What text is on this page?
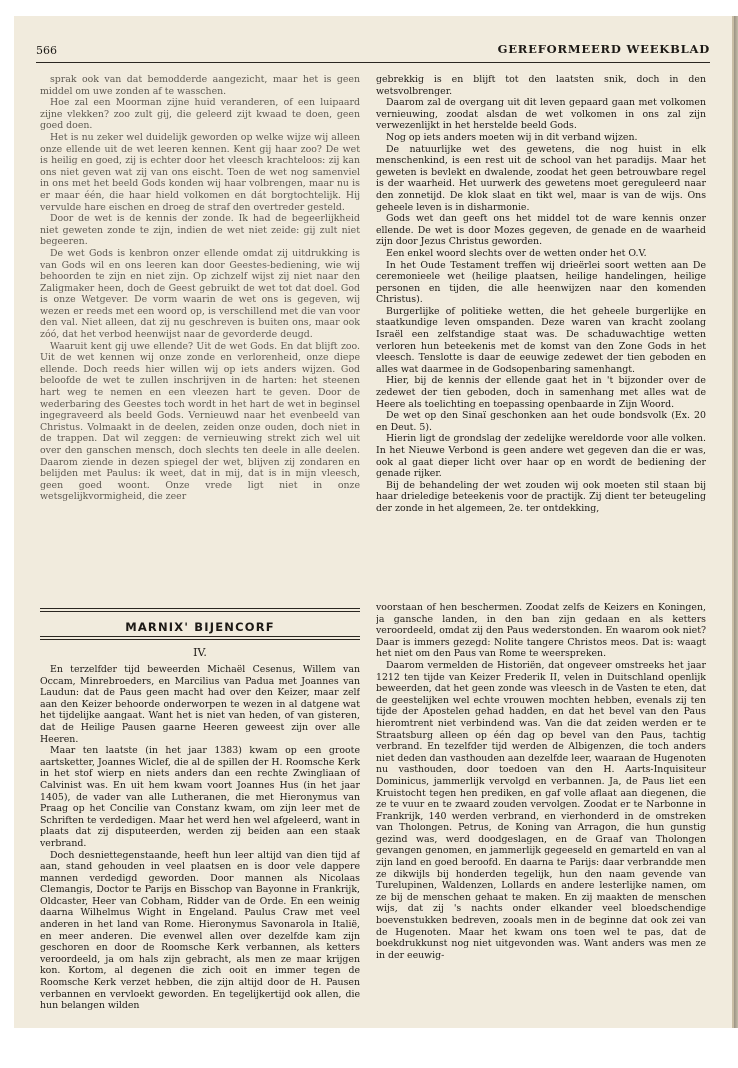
566	GEREFORMEERD WEEKBLAD

sprak ook van dat bemodderde aangezicht, maar het is geen middel om uwe zonden af te wasschen.

Hoe zal een Moorman zijne huid veranderen, of een luipaard zijne vlekken? zoo zult gij, die geleerd zijt kwaad te doen, geen goed doen.

Het is nu zeker wel duidelijk geworden op welke wijze wij alleen onze ellende uit de wet leeren kennen. Kent gij haar zoo? De wet is heilig en goed, zij is echter door het vleesch krachteloos: zij kan ons niet geven wat zij van ons eischt. Toen de wet nog samenviel in ons met het beeld Gods konden wij haar volbrengen, maar nu is er maar één, die haar hield volkomen en dát borgtochtelijk. Hij vervulde hare eischen en droeg de straf den overtreder gesteld.

Door de wet is de kennis der zonde. Ik had de begeerlijkheid niet geweten zonde te zijn, indien de wet niet zeide: gij zult niet begeeren.

De wet Gods is kenbron onzer ellende omdat zij uitdrukking is van Gods wil en ons leeren kan door Geestes-bediening, wie wij behoorden te zijn en niet zijn. Op zichzelf wijst zij niet naar den Zaligmaker heen, doch de Geest gebruikt de wet tot dat doel. God is onze Wetgever. De vorm waarin de wet ons is gegeven, wij wezen er reeds met een woord op, is verschillend met die van voor den val. Niet alleen, dat zij nu geschreven is buiten ons, maar ook zóó, dat het verbod heenwijst naar de gevorderde deugd.

Waaruit kent gij uwe ellende? Uit de wet Gods. En dat blijft zoo. Uit de wet kennen wij onze zonde en verlorenheid, onze diepe ellende. Doch reeds hier willen wij op iets anders wijzen. God beloofde de wet te zullen inschrijven in de harten: het steenen hart weg te nemen en een vleezen hart te geven. Door de wederbaring des Geestes toch wordt in het hart de wet in beginsel ingegraveerd als beeld Gods. Vernieuwd naar het evenbeeld van Christus. Volmaakt in de deelen, zeiden onze ouden, doch niet in de trappen. Dat wil zeggen: de vernieuwing strekt zich wel uit over den ganschen mensch, doch slechts ten deele in alle deelen. Daarom ziende in dezen spiegel der wet, blijven zij zondaren en belijden met Paulus: ik weet, dat in mij, dat is in mijn vleesch, geen goed woont. Onze vrede ligt niet in onze wetsgelijkvormigheid, die zeer

gebrekkig is en blijft tot den laatsten snik, doch in den wetsvolbrenger.

Daarom zal de overgang uit dit leven gepaard gaan met volkomen vernieuwing, zoodat alsdan de wet volkomen in ons zal zijn verwezenlijkt in het herstelde beeld Gods.

Nog op iets anders moeten wij in dit verband wijzen.

De natuurlijke wet des gewetens, die nog huist in elk menschenkind, is een rest uit de school van het paradijs. Maar het geweten is bevlekt en dwalende, zoodat het geen betrouwbare regel is der waarheid. Het uurwerk des gewetens moet gereguleerd naar den zonnetijd. De klok slaat en tikt wel, maar is van de wijs. Ons geheele leven is in disharmonie.

Gods wet dan geeft ons het middel tot de ware kennis onzer ellende. De wet is door Mozes gegeven, de genade en de waarheid zijn door Jezus Christus geworden.

Een enkel woord slechts over de wetten onder het O.V.

In het Oude Testament treffen wij drieërlei soort wetten aan De ceremonieele wet (heilige plaatsen, heilige handelingen, heilige personen en tijden, die alle heenwijzen naar den komenden Christus).

Burgerlijke of politieke wetten, die het geheele burgerlijke en staatkundige leven omspanden. Deze waren van kracht zoolang Israël een zelfstandige staat was. De schaduwachtige wetten verloren hun beteekenis met de komst van den Zone Gods in het vleesch. Tenslotte is daar de eeuwige zedewet der tien geboden en alles wat daarmee in de Godsopenbaring samenhangt.

Hier, bij de kennis der ellende gaat het in 't bijzonder over de zedewet der tien geboden, doch in samenhang met alles wat de Heere als toelichting en toepassing openbaarde in Zijn Woord.

De wet op den Sinaï geschonken aan het oude bondsvolk (Ex. 20 en Deut. 5).

Hierin ligt de grondslag der zedelijke wereldorde voor alle volken. In het Nieuwe Verbond is geen andere wet gegeven dan die er was, ook al gaat dieper licht over haar op en wordt de bediening der genade rijker.

Bij de behandeling der wet zouden wij ook moeten stil staan bij haar drieledige beteekenis voor de practijk. Zij dient ter beteugeling der zonde in het algemeen, 2e. ter ontdekking,

MARNIX' BIJENCORF
IV.

En terzelfder tijd beweerden Michaël Cesenus, Willem van Occam, Minrebroeders, en Marcilius van Padua met Joannes van Laudun: dat de Paus geen macht had over den Keizer, maar zelf aan den Keizer behoorde onderworpen te wezen in al datgene wat het tijdelijke aangaat. Want het is niet van heden, of van gisteren, dat de Heilige Pausen gaarne Heeren geweest zijn over alle Heeren.

Maar ten laatste (in het jaar 1383) kwam op een groote aartsketter, Joannes Wiclef, die al de spillen der H. Roomsche Kerk in het stof wierp en niets anders dan een rechte Zwingliaan of Calvinist was. En uit hem kwam voort Joannes Hus (in het jaar 1405), de vader van alle Lutheranen, die met Hieronymus van Praag op het Concilie van Constanz kwam, om zijn leer met de Schriften te verdedigen. Maar het werd hen wel afgeleerd, want in plaats dat zij disputeerden, werden zij beiden aan een staak verbrand.

Doch desniettegenstaande, heeft hun leer altijd van dien tijd af aan, stand gehouden in veel plaatsen en is door vele dappere mannen verdedigd geworden. Door mannen als Nicolaas Clemangis, Doctor te Parijs en Bisschop van Bayonne in Frankrijk, Oldcaster, Heer van Cobham, Ridder van de Orde. En een weinig daarna Wilhelmus Wight in Engeland. Paulus Craw met veel anderen in het land van Rome. Hieronymus Savonarola in Italië, en meer anderen. Die evenwel allen over dezelfde kam zijn geschoren en door de Roomsche Kerk verbannen, als ketters veroordeeld, ja om hals zijn gebracht, als men ze maar krijgen kon. Kortom, al degenen die zich ooit en immer tegen de Roomsche Kerk verzet hebben, die zijn altijd door de H. Pausen verbannen en vervloekt geworden. En tegelijkertijd ook allen, die hun belangen wilden

voorstaan of hen beschermen. Zoodat zelfs de Keizers en Koningen, ja gansche landen, in den ban zijn gedaan en als ketters veroordeeld, omdat zij den Paus wederstonden. En waarom ook niet? Daar is immers gezegd: Nolite tangere Christos meos. Dat is: waagt het niet om den Paus van Rome te weerspreken.

Daarom vermelden de Historiën, dat ongeveer omstreeks het jaar 1212 ten tijde van Keizer Frederik II, velen in Duitschland openlijk beweerden, dat het geen zonde was vleesch in de Vasten te eten, dat de geestelijken wel echte vrouwen mochten hebben, evenals zij ten tijde der Apostelen gehad hadden, en dat het bevel van den Paus hieromtrent niet verbindend was. Van die dat zeiden werden er te Straatsburg alleen op één dag op bevel van den Paus, tachtig verbrand. En tezelfder tijd werden de Albigenzen, die toch anders niet deden dan vasthouden aan dezelfde leer, waaraan de Hugenoten nu vasthouden, door toedoen van den H. Aarts-Inquisiteur Dominicus, jammerlijk vervolgd en verbannen. Ja, de Paus liet een Kruistocht tegen hen prediken, en gaf volle aflaat aan diegenen, die ze te vuur en te zwaard zouden vervolgen. Zoodat er te Narbonne in Frankrijk, 140 werden verbrand, en vierhonderd in de omstreken van Tholongen. Petrus, de Koning van Arragon, die hun gunstig gezind was, werd doodgeslagen, en de Graaf van Tholongen gevangen genomen, en jammerlijk gegeeseld en gemarteld en van al zijn land en goed beroofd. En daarna te Parijs: daar verbrandde men ze dikwijls bij honderden tegelijk, hun den naam gevende van Turelupinen, Waldenzen, Lollards en andere lesterlijke namen, om ze bij de menschen gehaat te maken. En zij maakten de menschen wijs, dat zij 's nachts onder elkander veel bloedschendige boevenstukken bedreven, zooals men in de beginne dat ook zei van de Hugenoten. Maar het kwam ons toen wel te pas, dat de boekdrukkunst nog niet uitgevonden was. Want anders was men ze in der eeuwig-
